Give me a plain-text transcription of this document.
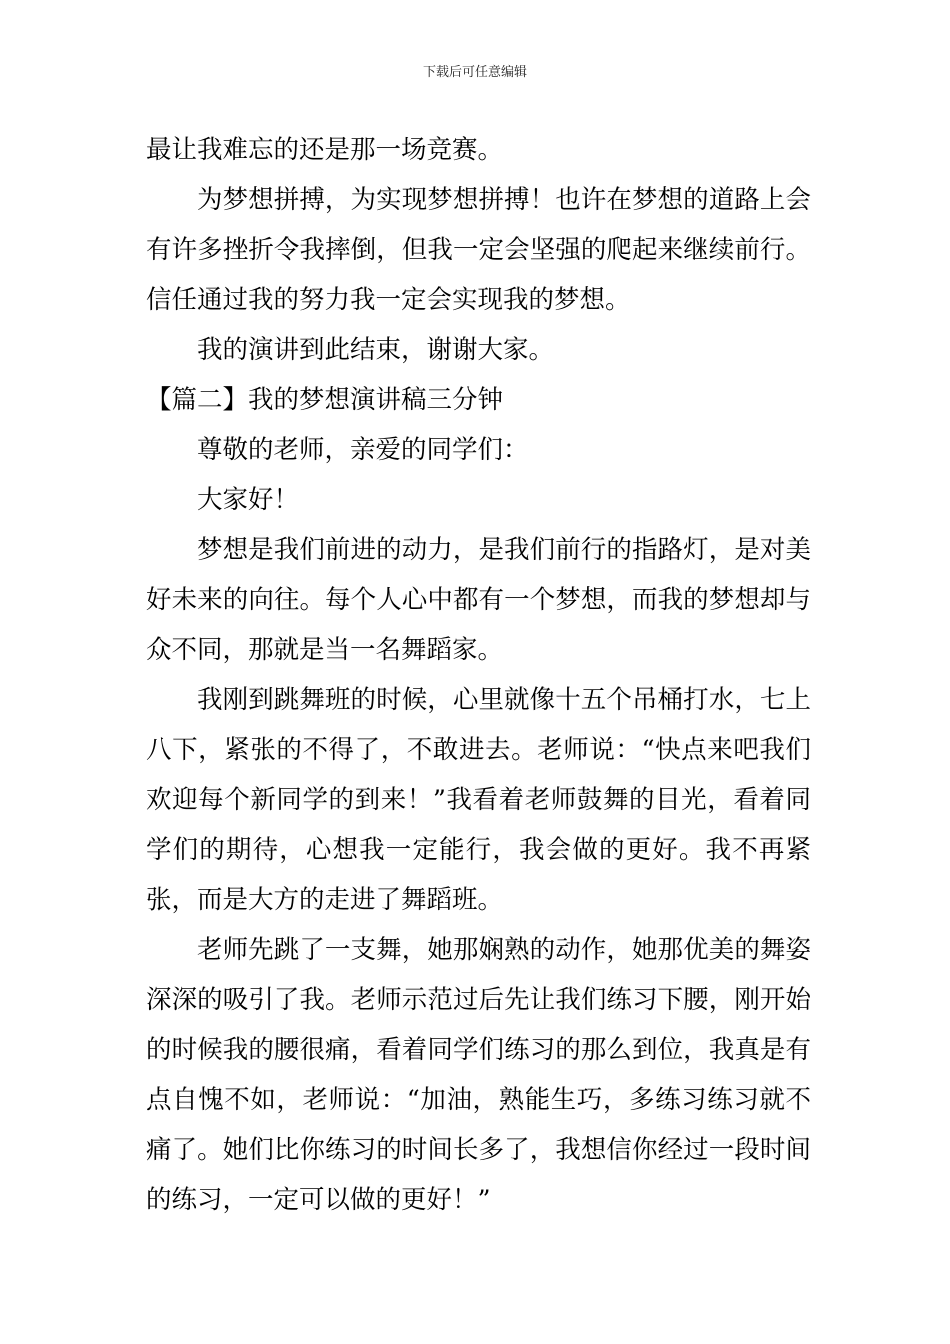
下载后可任意编辑

最让我难忘的还是那一场竞赛。

为梦想拼搏，为实现梦想拼搏！也许在梦想的道路上会有许多挫折令我摔倒，但我一定会坚强的爬起来继续前行。信任通过我的努力我一定会实现我的梦想。

我的演讲到此结束，谢谢大家。

【篇二】我的梦想演讲稿三分钟

尊敬的老师，亲爱的同学们：

大家好！

梦想是我们前进的动力，是我们前行的指路灯，是对美好未来的向往。每个人心中都有一个梦想，而我的梦想却与众不同，那就是当一名舞蹈家。

我刚到跳舞班的时候，心里就像十五个吊桶打水，七上八下，紧张的不得了，不敢进去。老师说：“快点来吧我们欢迎每个新同学的到来！”我看着老师鼓舞的目光，看着同学们的期待，心想我一定能行，我会做的更好。我不再紧张，而是大方的走进了舞蹈班。

老师先跳了一支舞，她那娴熟的动作，她那优美的舞姿深深的吸引了我。老师示范过后先让我们练习下腰，刚开始的时候我的腰很痛，看着同学们练习的那么到位，我真是有点自愧不如，老师说：“加油，熟能生巧，多练习练习就不痛了。她们比你练习的时间长多了，我想信你经过一段时间的练习，一定可以做的更好！”
